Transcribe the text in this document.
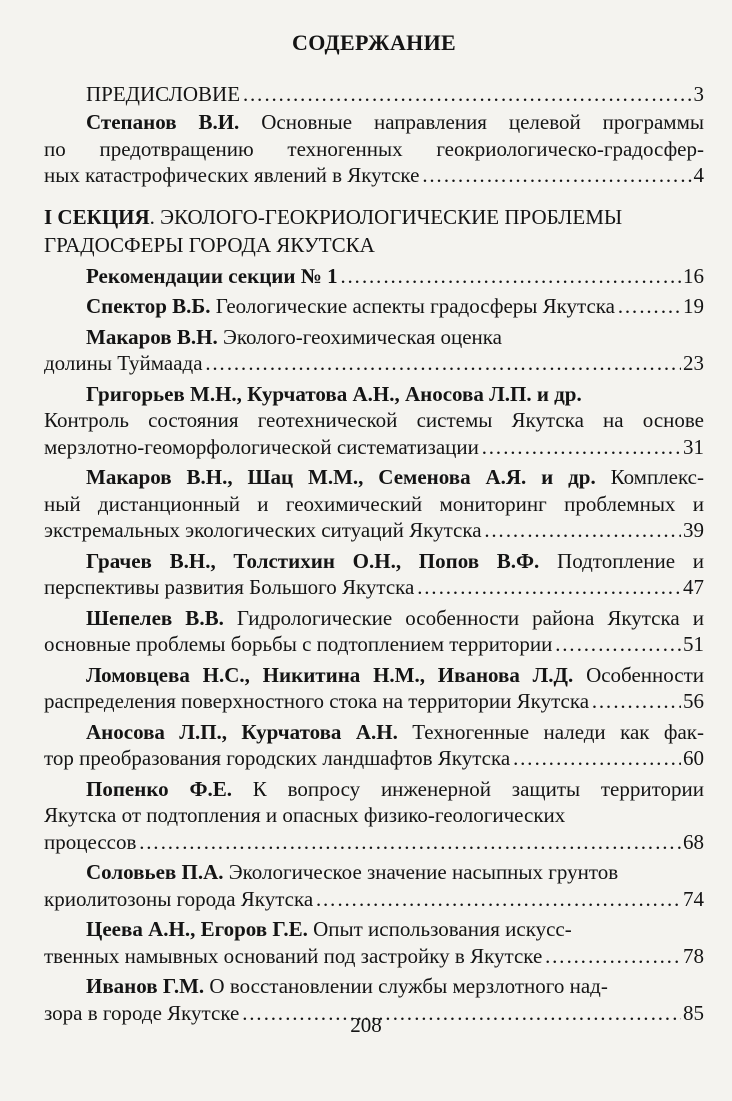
СОДЕРЖАНИЕ
ПРЕДИСЛОВИЕ ……………………………………………………………………………………………………………………………………………………	3
Степанов В.И. Основные направления целевой программы
по предотвращению техногенных геокриологическо-градосфер-
ных катастрофических явлений в Якутске ……………………………………………………………………………………………………………………………………………………	4
I СЕКЦИЯ. ЭКОЛОГО-ГЕОКРИОЛОГИЧЕСКИЕ ПРОБЛЕМЫ
ГРАДОСФЕРЫ ГОРОДА ЯКУТСКА
Рекомендации секции № 1 ……………………………………………………………………………………………………………………………………………………	16
Спектор В.Б. Геологические аспекты градосферы Якутска ……………………………………………………………………………………………………………………………………………………	19
Макаров В.Н. Эколого-геохимическая оценка
долины Туймаада ……………………………………………………………………………………………………………………………………………………	23
Григорьев М.Н., Курчатова А.Н., Аносова Л.П. и др.
Контроль состояния геотехнической системы Якутска на основе
мерзлотно-геоморфологической систематизации ……………………………………………………………………………………………………………………………………………………	31
Макаров В.Н., Шац М.М., Семенова А.Я. и др. Комплекс-
ный дистанционный и геохимический мониторинг проблемных и
экстремальных экологических ситуаций Якутска ……………………………………………………………………………………………………………………………………………………	39
Грачев В.Н., Толстихин О.Н., Попов В.Ф. Подтопление и
перспективы развития Большого Якутска ……………………………………………………………………………………………………………………………………………………	47
Шепелев В.В. Гидрологические особенности района Якутска и
основные проблемы борьбы с подтоплением территории ……………………………………………………………………………………………………………………………………………………	51
Ломовцева Н.С., Никитина Н.М., Иванова Л.Д. Особенности
распределения поверхностного стока на территории Якутска ……………………………………………………………………………………………………………………………………………………	56
Аносова Л.П., Курчатова А.Н. Техногенные наледи как фак-
тор преобразования городских ландшафтов Якутска ……………………………………………………………………………………………………………………………………………………	60
Попенко Ф.Е. К вопросу инженерной защиты территории
Якутска от подтопления и опасных физико-геологических
процессов ……………………………………………………………………………………………………………………………………………………	68
Соловьев П.А. Экологическое значение насыпных грунтов
криолитозоны города Якутска ……………………………………………………………………………………………………………………………………………………	74
Цеева А.Н., Егоров Г.Е. Опыт использования искусс-
твенных намывных оснований под застройку в Якутске ……………………………………………………………………………………………………………………………………………………	78
Иванов Г.М. О восстановлении службы мерзлотного над-
зора в городе Якутске ……………………………………………………………………………………………………………………………………………………	85
208
